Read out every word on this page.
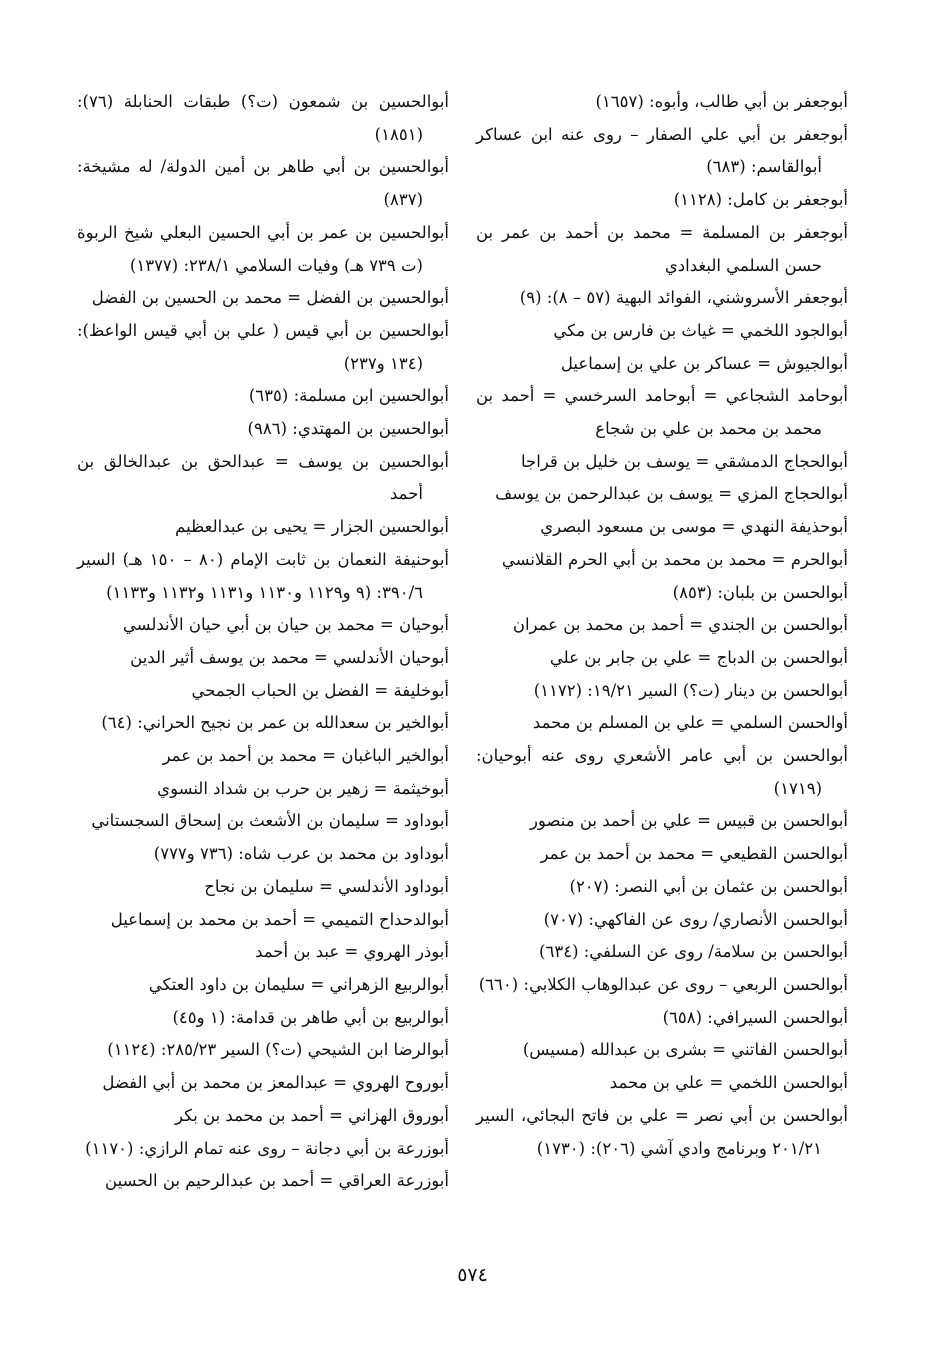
أبوجعفر بن أبي طالب، وأبوه: (١٦٥٧)

أبوجعفر بن أبي علي الصفار – روى عنه ابن عساكر أبوالقاسم: (٦٨٣)

أبوجعفر بن كامل: (١١٢٨)

أبوجعفر بن المسلمة = محمد بن أحمد بن عمر بن حسن السلمي البغدادي

أبوجعفر الأسروشني، الفوائد البهية (٥٧ – ٨): (٩)

أبوالجود اللخمي = غياث بن فارس بن مكي

أبوالجيوش = عساكر بن علي بن إسماعيل

أبوحامد الشجاعي = أبوحامد السرخسي = أحمد بن محمد بن محمد بن علي بن شجاع

أبوالحجاج الدمشقي = يوسف بن خليل بن قراجا

أبوالحجاج المزي = يوسف بن عبدالرحمن بن يوسف

أبوحذيفة النهدي = موسى بن مسعود البصري

أبوالحرم = محمد بن محمد بن أبي الحرم القلانسي

أبوالحسن بن بلبان: (٨٥٣)

أبوالحسن بن الجندي = أحمد بن محمد بن عمران

أبوالحسن بن الدباج = علي بن جابر بن علي

أبوالحسن بن دينار (ت؟) السير ١٩/٢١: (١١٧٢)

أوالحسن السلمي = علي بن المسلم بن محمد

أبوالحسن بن أبي عامر الأشعري روى عنه أبوحيان: (١٧١٩)

أبوالحسن بن قبيس = علي بن أحمد بن منصور

أبوالحسن القطيعي = محمد بن أحمد بن عمر

أبوالحسن بن عثمان بن أبي النصر: (٢٠٧)

أبوالحسن الأنصاري/ روى عن الفاكهي: (٧٠٧)

أبوالحسن بن سلامة/ روى عن السلفي: (٦٣٤)

أبوالحسن الربعي – روى عن عبدالوهاب الكلابي: (٦٦٠)

أبوالحسن السيرافي: (٦٥٨)

أبوالحسن الفاتني = بشرى بن عبدالله (مسيس)

أبوالحسن اللخمي = علي بن محمد

أبوالحسن بن أبي نصر = علي بن فاتح البجائي، السير ٢٠١/٢١ وبرنامج وادي آشي (٢٠٦): (١٧٣٠)

أبوالحسين بن شمعون (ت؟) طبقات الحنابلة (٧٦): (١٨٥١)

أبوالحسين بن أبي طاهر بن أمين الدولة/ له مشيخة: (٨٣٧)

أبوالحسين بن عمر بن أبي الحسين البعلي شيخ الربوة (ت ٧٣٩ هـ) وفيات السلامي ٢٣٨/١: (١٣٧٧)

أبوالحسين بن الفضل = محمد بن الحسين بن الفضل

أبوالحسين بن أبي قيس ( علي بن أبي قيس الواعظ): (١٣٤ و٢٣٧)

أبوالحسين ابن مسلمة: (٦٣٥)

أبوالحسين بن المهتدي: (٩٨٦)

أبوالحسين بن يوسف = عبدالحق بن عبدالخالق بن أحمد

أبوالحسين الجزار = يحيى بن عبدالعظيم

أبوحنيفة النعمان بن ثابت الإمام (٨٠ – ١٥٠ هـ) السير ٣٩٠/٦: (٩ و١١٢٩ و١١٣٠ و١١٣١ و١١٣٢ و١١٣٣)

أبوحيان = محمد بن حيان بن أبي حيان الأندلسي

أبوحيان الأندلسي = محمد بن يوسف أثير الدين

أبوخليفة = الفضل بن الحباب الجمحي

أبوالخير بن سعدالله بن عمر بن نجيح الحراني: (٦٤)

أبوالخير الباغبان = محمد بن أحمد بن عمر

أبوخيثمة = زهير بن حرب بن شداد النسوي

أبوداود = سليمان بن الأشعث بن إسحاق السجستاني

أبوداود بن محمد بن عرب شاه: (٧٣٦ و٧٧٧)

أبوداود الأندلسي = سليمان بن نجاح

أبوالدحداح التميمي = أحمد بن محمد بن إسماعيل

أبوذر الهروي = عبد بن أحمد

أبوالربيع الزهراني = سليمان بن داود العتكي

أبوالربيع بن أبي طاهر بن قدامة: (١ و٤٥)

أبوالرضا ابن الشيحي (ت؟) السير ٢٨٥/٢٣: (١١٢٤)

أبوروح الهروي = عبدالمعز بن محمد بن أبي الفضل

أبوروق الهزاني = أحمد بن محمد بن بكر

أبوزرعة بن أبي دجانة – روى عنه تمام الرازي: (١١٧٠)

أبوزرعة العراقي = أحمد بن عبدالرحيم بن الحسين

٥٧٤
